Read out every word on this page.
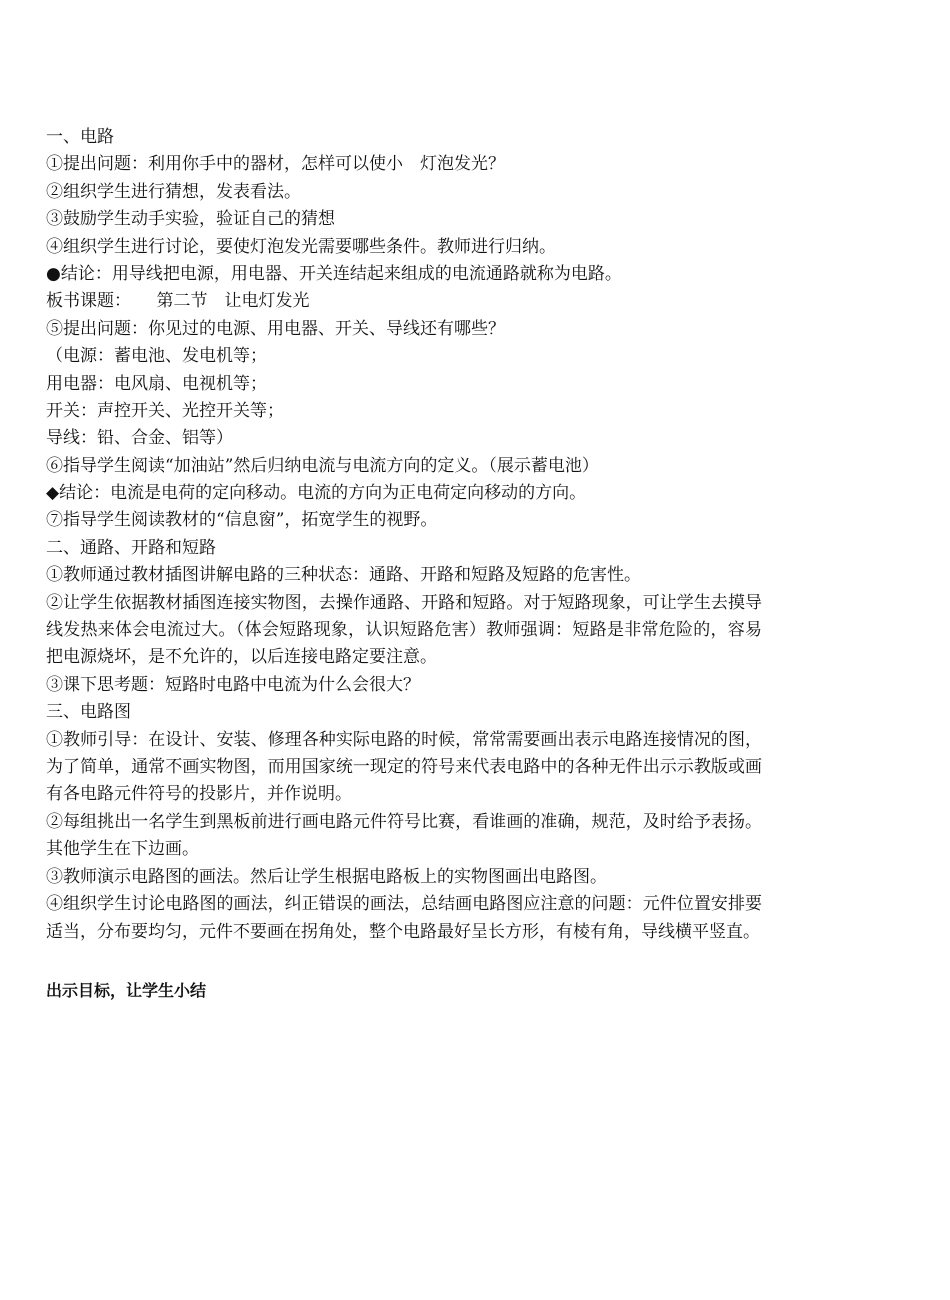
一、电路
①提出问题：利用你手中的器材，怎样可以使小　灯泡发光？
②组织学生进行猜想，发表看法。
③鼓励学生动手实验，验证自己的猜想
④组织学生进行讨论，要使灯泡发光需要哪些条件。教师进行归纳。
●结论：用导线把电源，用电器、开关连结起来组成的电流通路就称为电路。
板书课题：　　第二节　让电灯发光
⑤提出问题：你见过的电源、用电器、开关、导线还有哪些？
（电源：蓄电池、发电机等；
用电器：电风扇、电视机等；
开关：声控开关、光控开关等；
导线：铅、合金、铝等）
⑥指导学生阅读“加油站”然后归纳电流与电流方向的定义。（展示蓄电池）
◆结论：电流是电荷的定向移动。电流的方向为正电荷定向移动的方向。
⑦指导学生阅读教材的“信息窗”，拓宽学生的视野。
二、通路、开路和短路
①教师通过教材插图讲解电路的三种状态：通路、开路和短路及短路的危害性。
②让学生依据教材插图连接实物图，去操作通路、开路和短路。对于短路现象，可让学生去摸导线发热来体会电流过大。（体会短路现象，认识短路危害）教师强调：短路是非常危险的，容易把电源烧坏，是不允许的，以后连接电路定要注意。
③课下思考题：短路时电路中电流为什么会很大？
三、电路图
①教师引导：在设计、安装、修理各种实际电路的时候，常常需要画出表示电路连接情况的图，为了简单，通常不画实物图，而用国家统一现定的符号来代表电路中的各种无件出示示教版或画有各电路元件符号的投影片，并作说明。
②每组挑出一名学生到黑板前进行画电路元件符号比赛，看谁画的准确，规范，及时给予表扬。其他学生在下边画。
③教师演示电路图的画法。然后让学生根据电路板上的实物图画出电路图。
④组织学生讨论电路图的画法，纠正错误的画法，总结画电路图应注意的问题：元件位置安排要适当，分布要均匀，元件不要画在拐角处，整个电路最好呈长方形，有棱有角，导线横平竖直。
出示目标，让学生小结
